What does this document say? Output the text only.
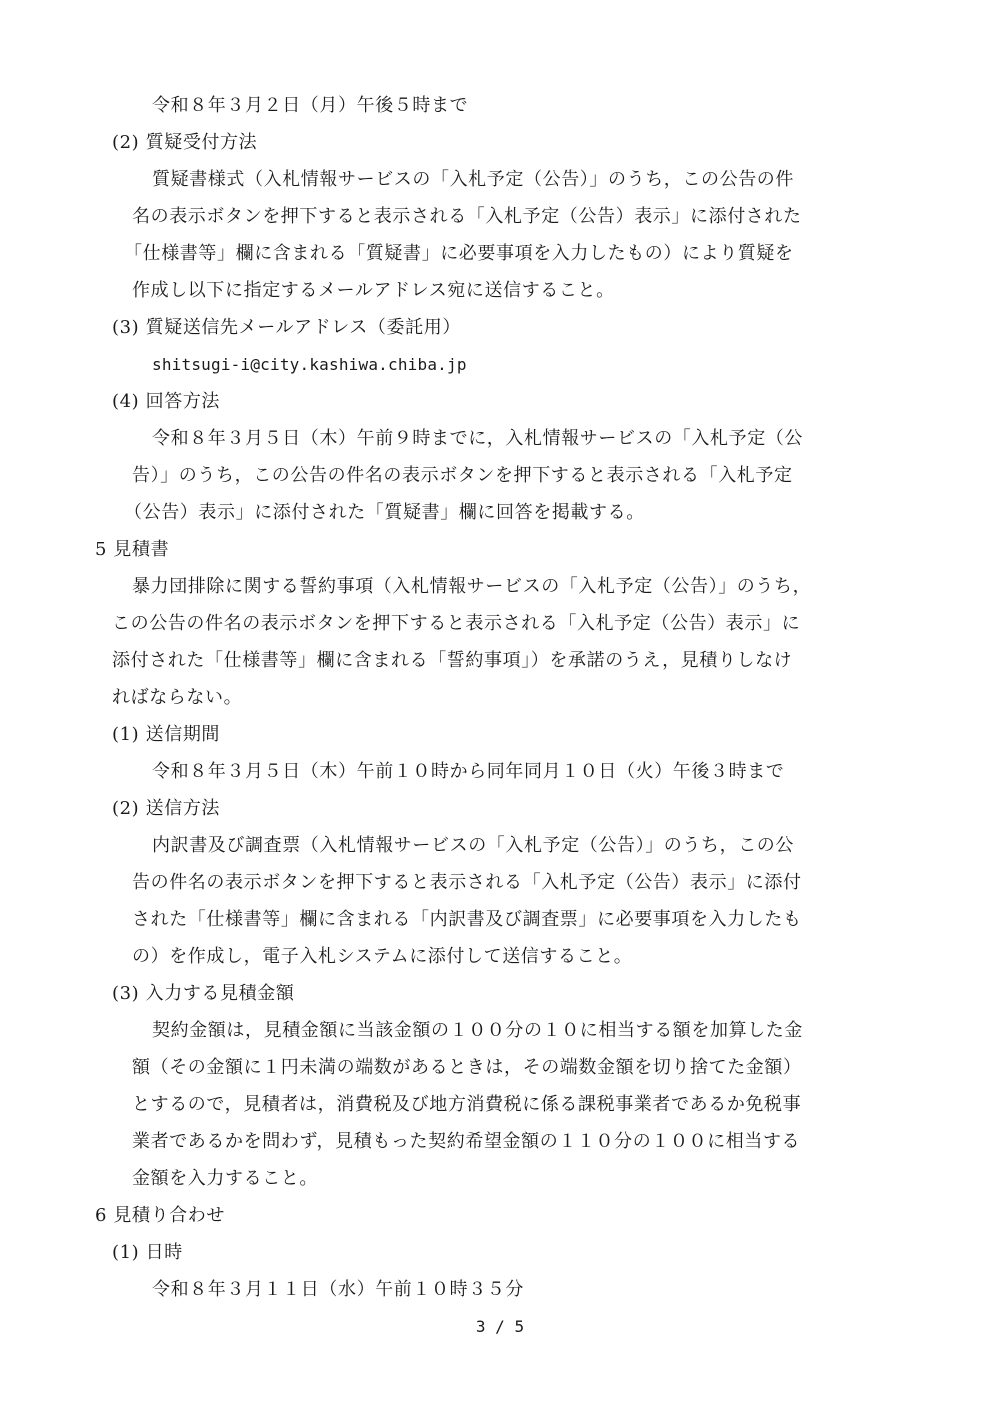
令和８年３月２日（月）午後５時まで
(2) 質疑受付方法
質疑書様式（入札情報サービスの「入札予定（公告）」のうち，この公告の件
名の表示ボタンを押下すると表示される「入札予定（公告）表示」に添付された
「仕様書等」欄に含まれる「質疑書」に必要事項を入力したもの）により質疑を
作成し以下に指定するメールアドレス宛に送信すること。
(3) 質疑送信先メールアドレス（委託用）
shitsugi-i@city.kashiwa.chiba.jp
(4) 回答方法
令和８年３月５日（木）午前９時までに，入札情報サービスの「入札予定（公
告）」のうち，この公告の件名の表示ボタンを押下すると表示される「入札予定
（公告）表示」に添付された「質疑書」欄に回答を掲載する。
5 見積書
暴力団排除に関する誓約事項（入札情報サービスの「入札予定（公告）」のうち，
この公告の件名の表示ボタンを押下すると表示される「入札予定（公告）表示」に
添付された「仕様書等」欄に含まれる「誓約事項」）を承諾のうえ，見積りしなけ
ればならない。
(1) 送信期間
令和８年３月５日（木）午前１０時から同年同月１０日（火）午後３時まで
(2) 送信方法
内訳書及び調査票（入札情報サービスの「入札予定（公告）」のうち，この公
告の件名の表示ボタンを押下すると表示される「入札予定（公告）表示」に添付
された「仕様書等」欄に含まれる「内訳書及び調査票」に必要事項を入力したも
の）を作成し，電子入札システムに添付して送信すること。
(3) 入力する見積金額
契約金額は，見積金額に当該金額の１００分の１０に相当する額を加算した金
額（その金額に１円未満の端数があるときは，その端数金額を切り捨てた金額）
とするので，見積者は，消費税及び地方消費税に係る課税事業者であるか免税事
業者であるかを問わず，見積もった契約希望金額の１１０分の１００に相当する
金額を入力すること。
6 見積り合わせ
(1) 日時
令和８年３月１１日（水）午前１０時３５分
3 / 5
